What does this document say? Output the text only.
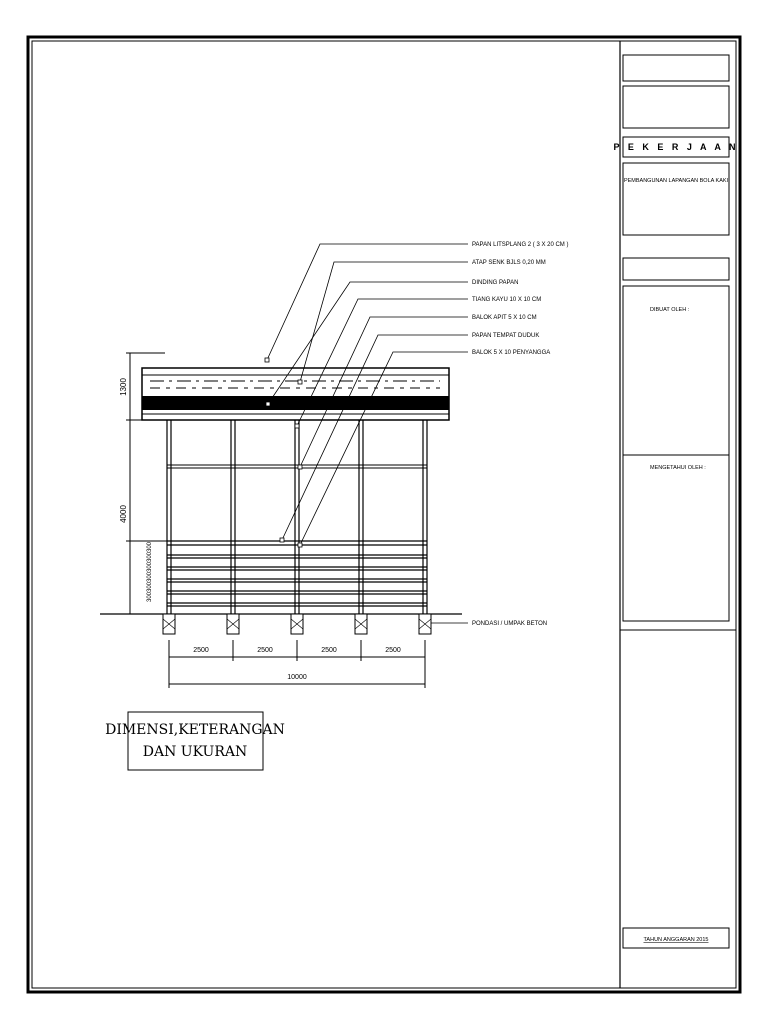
P E K E R J A A N
PEMBANGUNAN LAPANGAN BOLA KAKI
DIBUAT OLEH :
MENGETAHUI OLEH :
TAHUN ANGGARAN 2015
1300
4000
300
300
300
300
300
300
2500	2500	2500	2500
10000
PAPAN LITSPLANG 2 ( 3 X 20 CM )
ATAP SENK BJLS 0,20 MM
DINDING PAPAN
TIANG KAYU 10 X 10 CM
BALOK APIT 5 X 10 CM
PAPAN TEMPAT DUDUK
BALOK 5 X 10 PENYANGGA
PONDASI / UMPAK BETON
DIMENSI,KETERANGAN
DAN UKURAN
